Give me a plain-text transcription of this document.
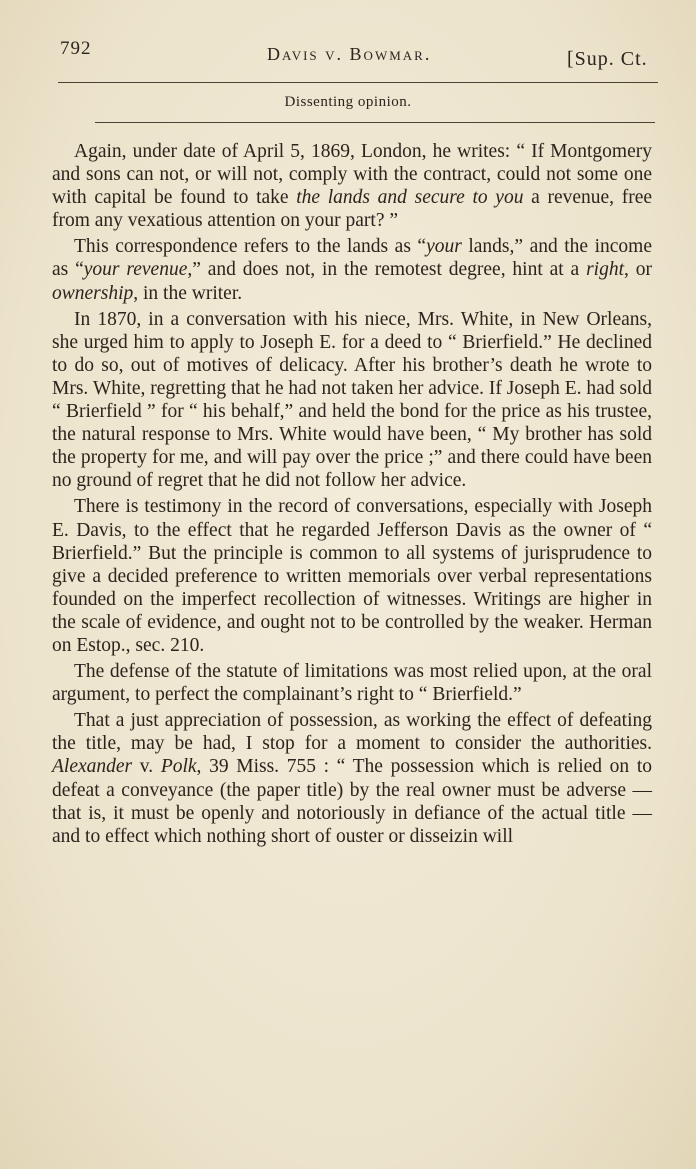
792	Davis v. Bowmar.	[Sup. Ct.
Dissenting opinion.

Again, under date of April 5, 1869, London, he writes: “ If Montgomery and sons can not, or will not, comply with the contract, could not some one with capital be found to take the lands and secure to you a revenue, free from any vexatious attention on your part? ”

This correspondence refers to the lands as “your lands,” and the income as “your revenue,” and does not, in the remotest degree, hint at a right, or ownership, in the writer.

In 1870, in a conversation with his niece, Mrs. White, in New Orleans, she urged him to apply to Joseph E. for a deed to “ Brierfield.” He declined to do so, out of motives of delicacy. After his brother’s death he wrote to Mrs. White, regretting that he had not taken her advice. If Joseph E. had sold “ Brierfield ” for “ his behalf,” and held the bond for the price as his trustee, the natural response to Mrs. White would have been, “ My brother has sold the property for me, and will pay over the price ;” and there could have been no ground of regret that he did not follow her advice.

There is testimony in the record of conversations, especially with Joseph E. Davis, to the effect that he regarded Jefferson Davis as the owner of “ Brierfield.” But the principle is common to all systems of jurisprudence to give a decided preference to written memorials over verbal representations founded on the imperfect recollection of witnesses. Writings are higher in the scale of evidence, and ought not to be controlled by the weaker. Herman on Estop., sec. 210.

The defense of the statute of limitations was most relied upon, at the oral argument, to perfect the complainant’s right to “ Brierfield.”

That a just appreciation of possession, as working the effect of defeating the title, may be had, I stop for a moment to consider the authorities. Alexander v. Polk, 39 Miss. 755 : “ The possession which is relied on to defeat a conveyance (the paper title) by the real owner must be adverse — that is, it must be openly and notoriously in defiance of the actual title — and to effect which nothing short of ouster or disseizin will
